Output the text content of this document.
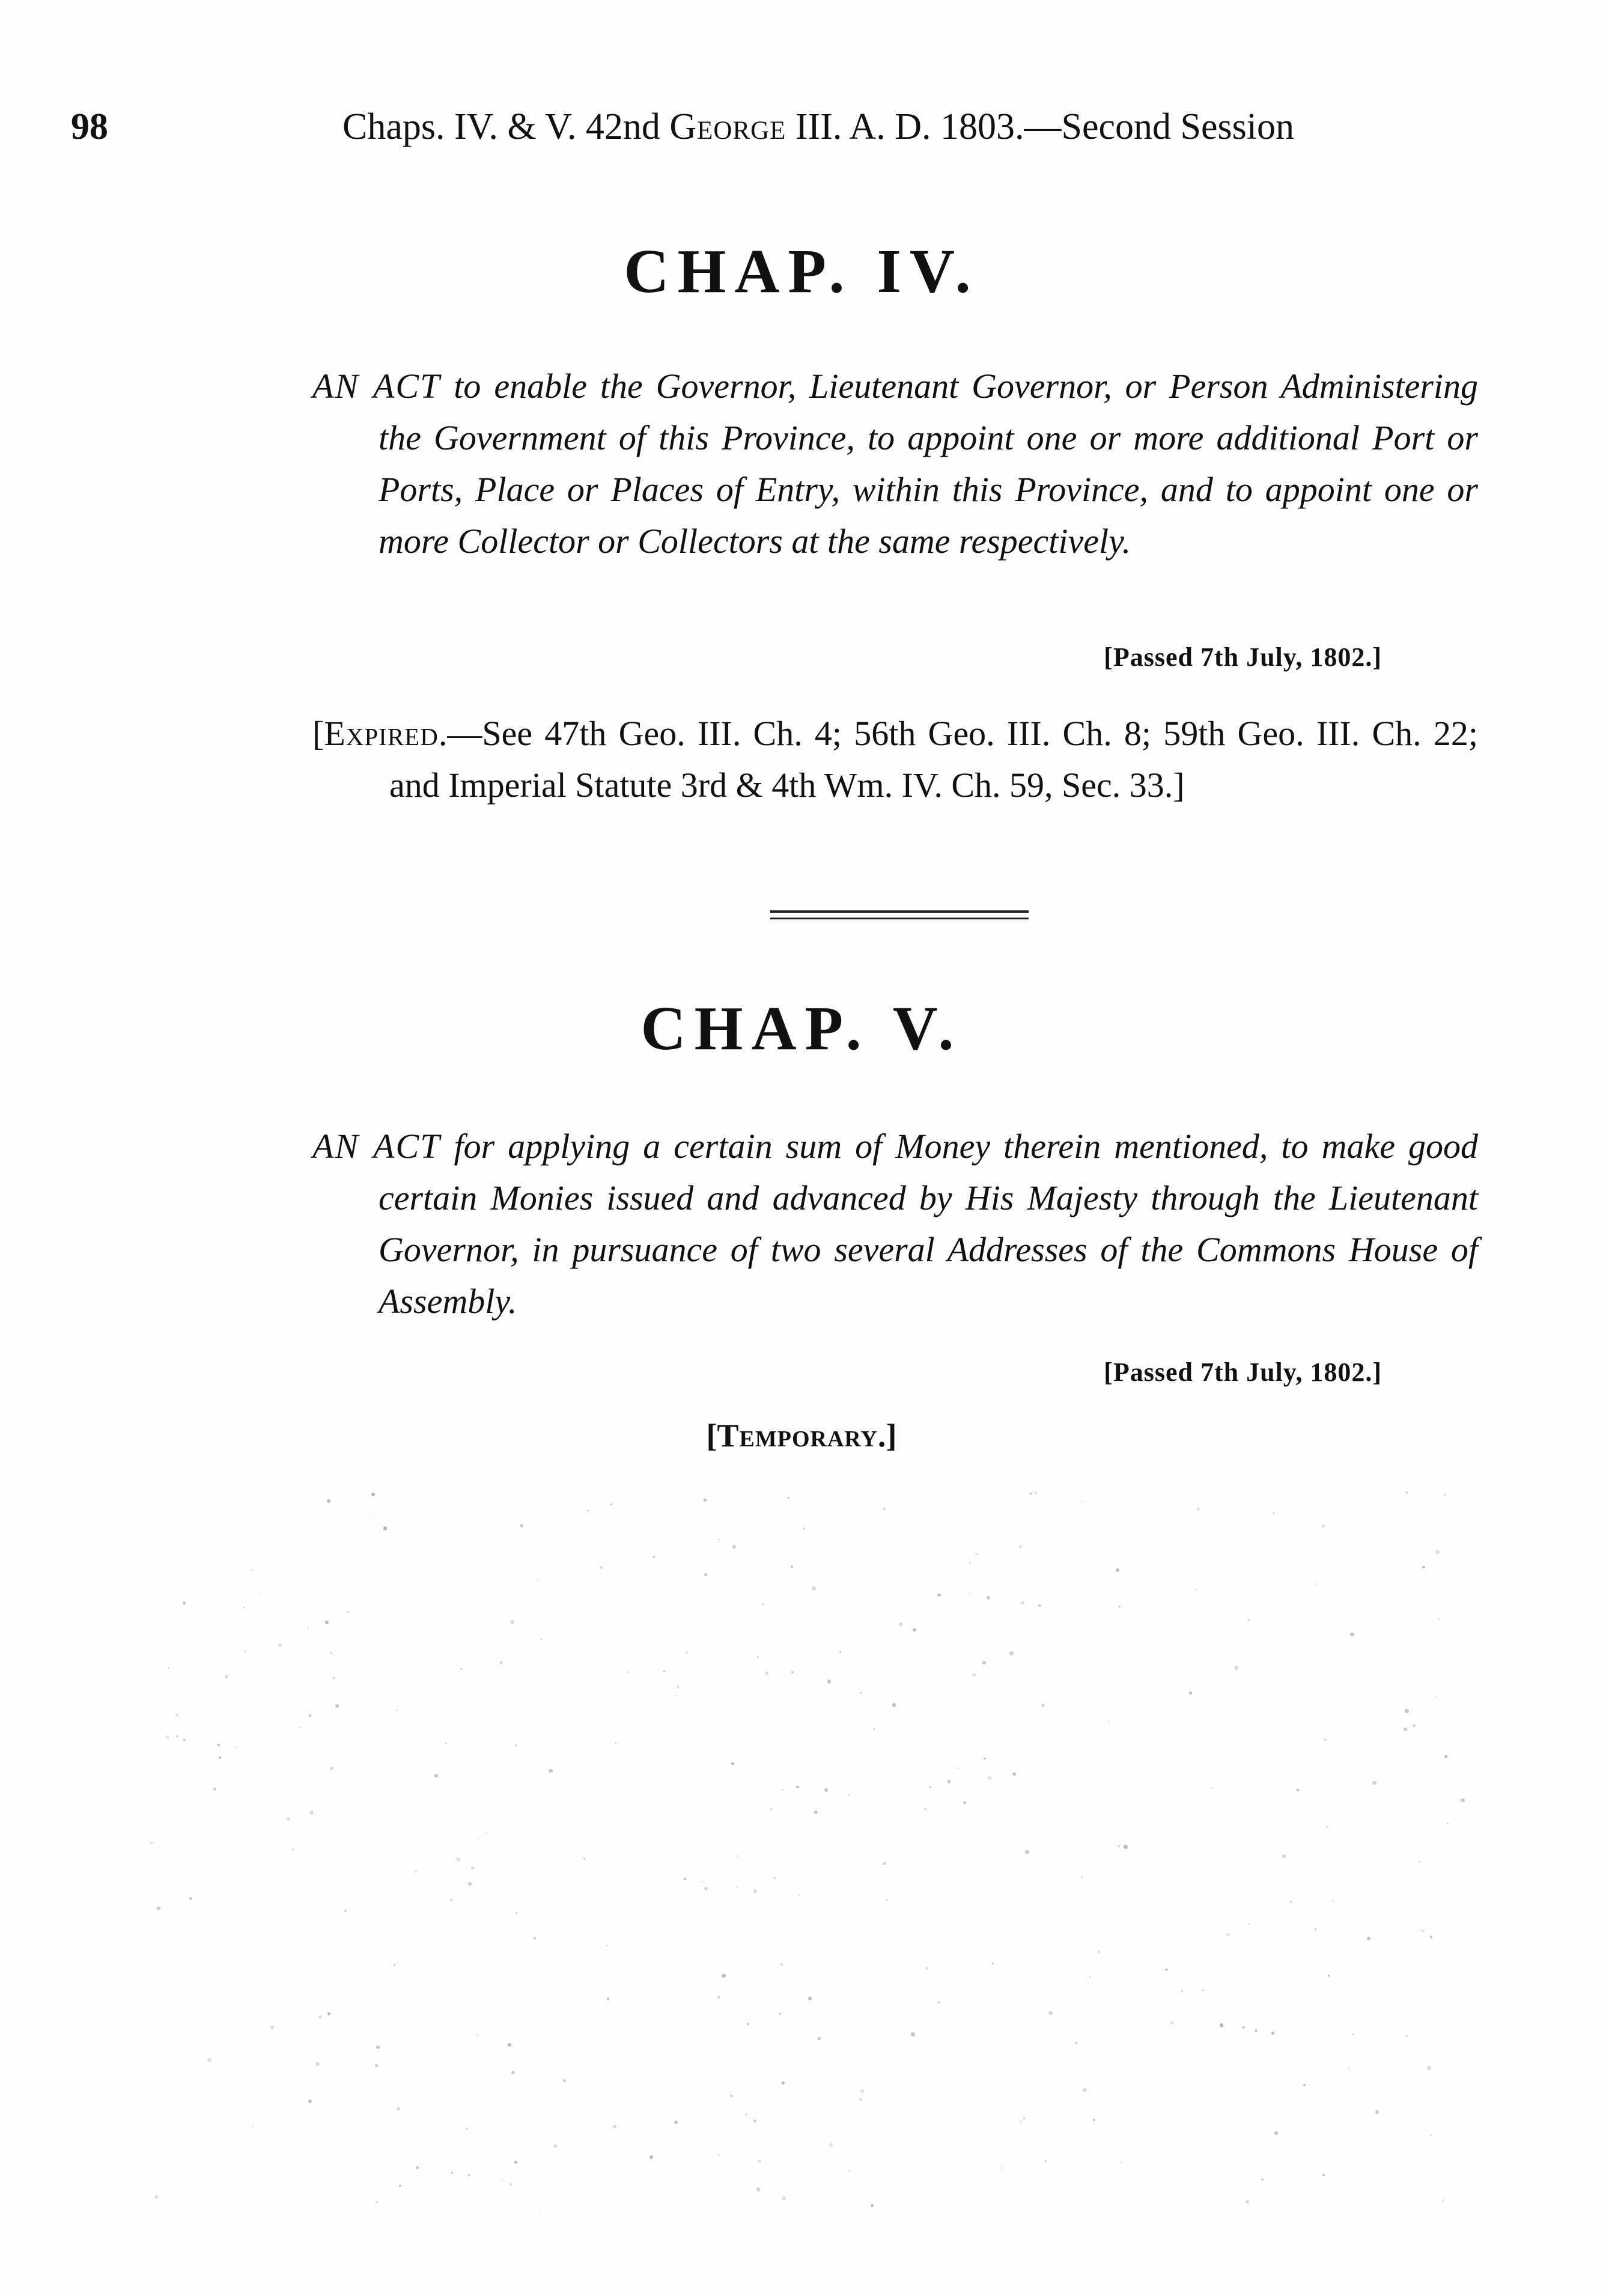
98	Chaps. IV. & V. 42nd George III. A. D. 1803.—Second Session
CHAP. IV.
AN ACT to enable the Governor, Lieutenant Governor, or Person Administering the Government of this Province, to appoint one or more additional Port or Ports, Place or Places of Entry, within this Province, and to appoint one or more Collector or Collectors at the same respectively.
[Passed 7th July, 1802.]
[Expired.—See 47th Geo. III. Ch. 4; 56th Geo. III. Ch. 8; 59th Geo. III. Ch. 22; and Imperial Statute 3rd & 4th Wm. IV. Ch. 59, Sec. 33.]
CHAP. V.
AN ACT for applying a certain sum of Money therein mentioned, to make good certain Monies issued and advanced by His Majesty through the Lieutenant Governor, in pursuance of two several Addresses of the Commons House of Assembly.
[Passed 7th July, 1802.]
[Temporary.]
